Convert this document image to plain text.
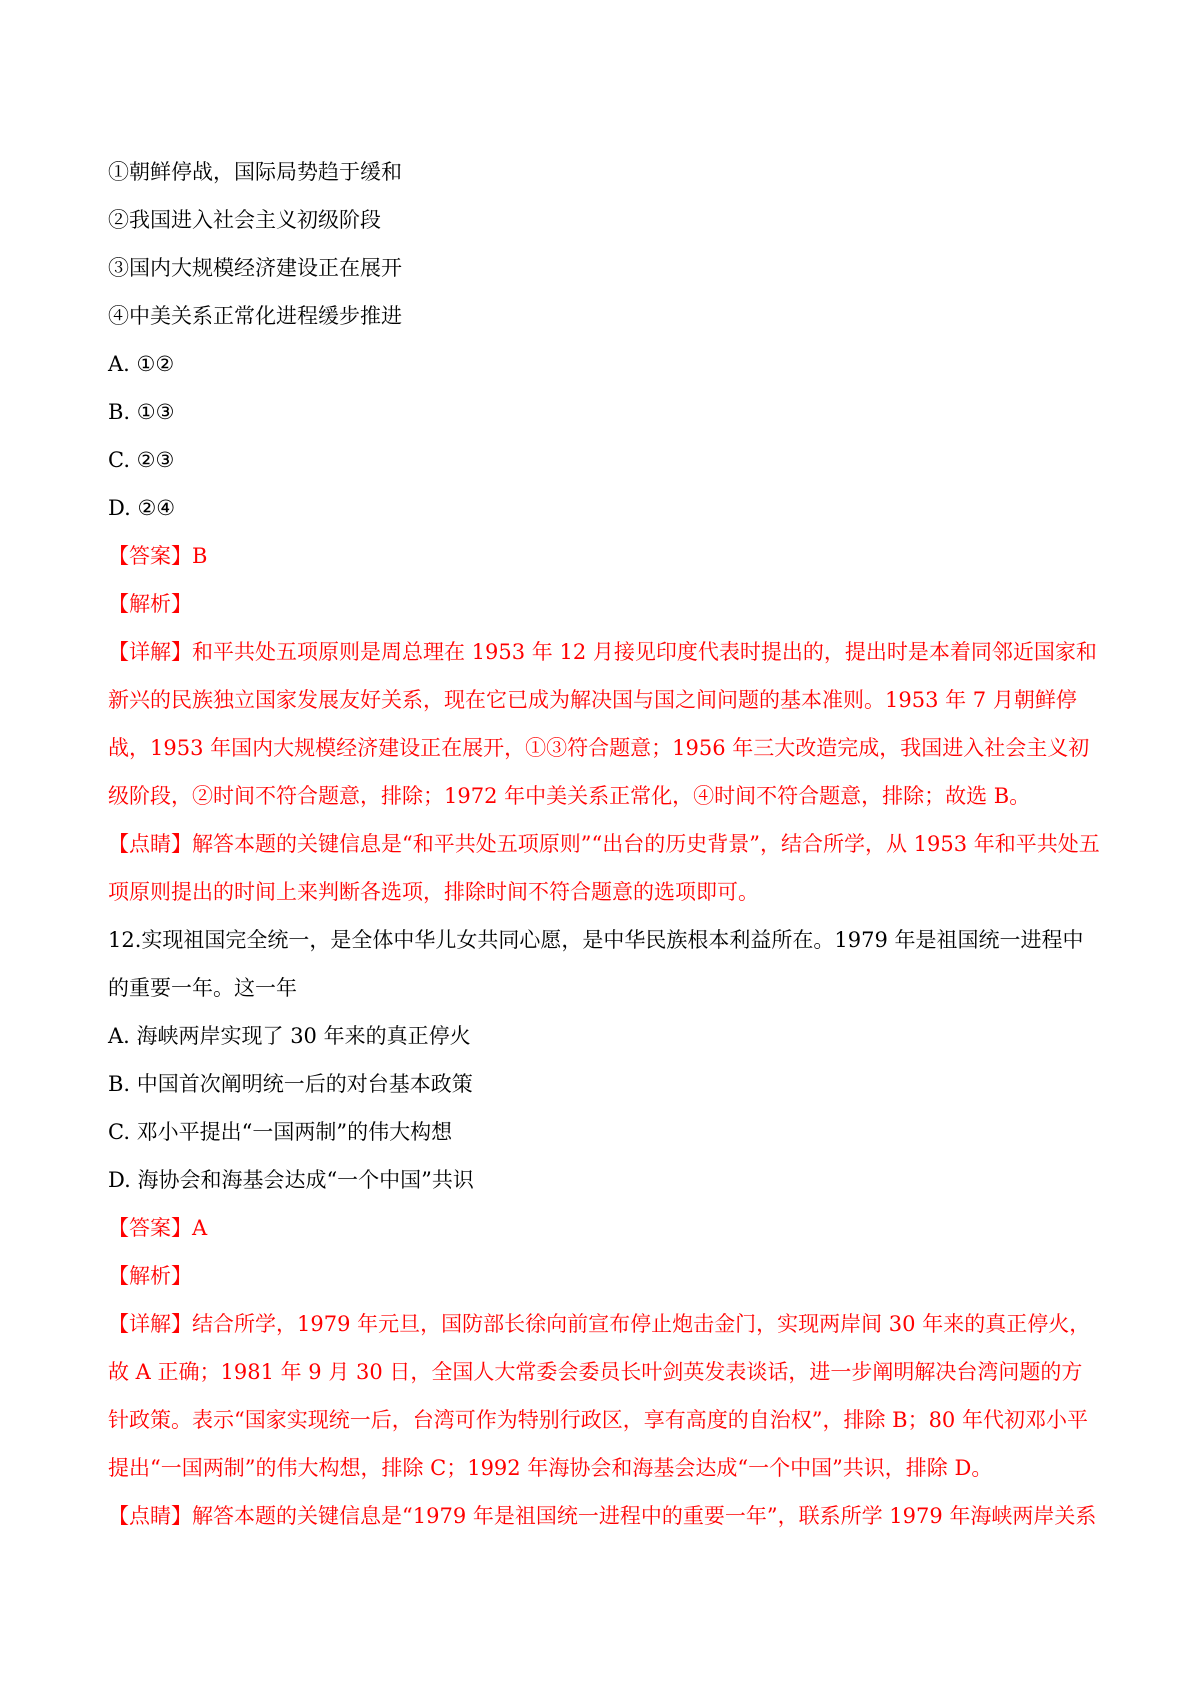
①朝鲜停战，国际局势趋于缓和
②我国进入社会主义初级阶段
③国内大规模经济建设正在展开
④中美关系正常化进程缓步推进
A. ①②
B. ①③
C. ②③
D. ②④
【答案】B
【解析】
【详解】和平共处五项原则是周总理在 1953 年 12 月接见印度代表时提出的，提出时是本着同邻近国家和新兴的民族独立国家发展友好关系，现在它已成为解决国与国之间问题的基本准则。1953 年 7 月朝鲜停战，1953 年国内大规模经济建设正在展开，①③符合题意；1956 年三大改造完成，我国进入社会主义初级阶段，②时间不符合题意，排除；1972 年中美关系正常化，④时间不符合题意，排除；故选 B。
【点睛】解答本题的关键信息是“和平共处五项原则”“出台的历史背景”，结合所学，从 1953 年和平共处五项原则提出的时间上来判断各选项，排除时间不符合题意的选项即可。
12.实现祖国完全统一，是全体中华儿女共同心愿，是中华民族根本利益所在。1979 年是祖国统一进程中的重要一年。这一年
A. 海峡两岸实现了 30 年来的真正停火
B. 中国首次阐明统一后的对台基本政策
C. 邓小平提出“一国两制”的伟大构想
D. 海协会和海基会达成“一个中国”共识
【答案】A
【解析】
【详解】结合所学，1979 年元旦，国防部长徐向前宣布停止炮击金门，实现两岸间 30 年来的真正停火，故 A 正确；1981 年 9 月 30 日，全国人大常委会委员长叶剑英发表谈话，进一步阐明解决台湾问题的方针政策。表示“国家实现统一后，台湾可作为特别行政区，享有高度的自治权”，排除 B；80 年代初邓小平提出“一国两制”的伟大构想，排除 C；1992 年海协会和海基会达成“一个中国”共识，排除 D。
【点睛】解答本题的关键信息是“1979 年是祖国统一进程中的重要一年”，联系所学 1979 年海峡两岸关系
